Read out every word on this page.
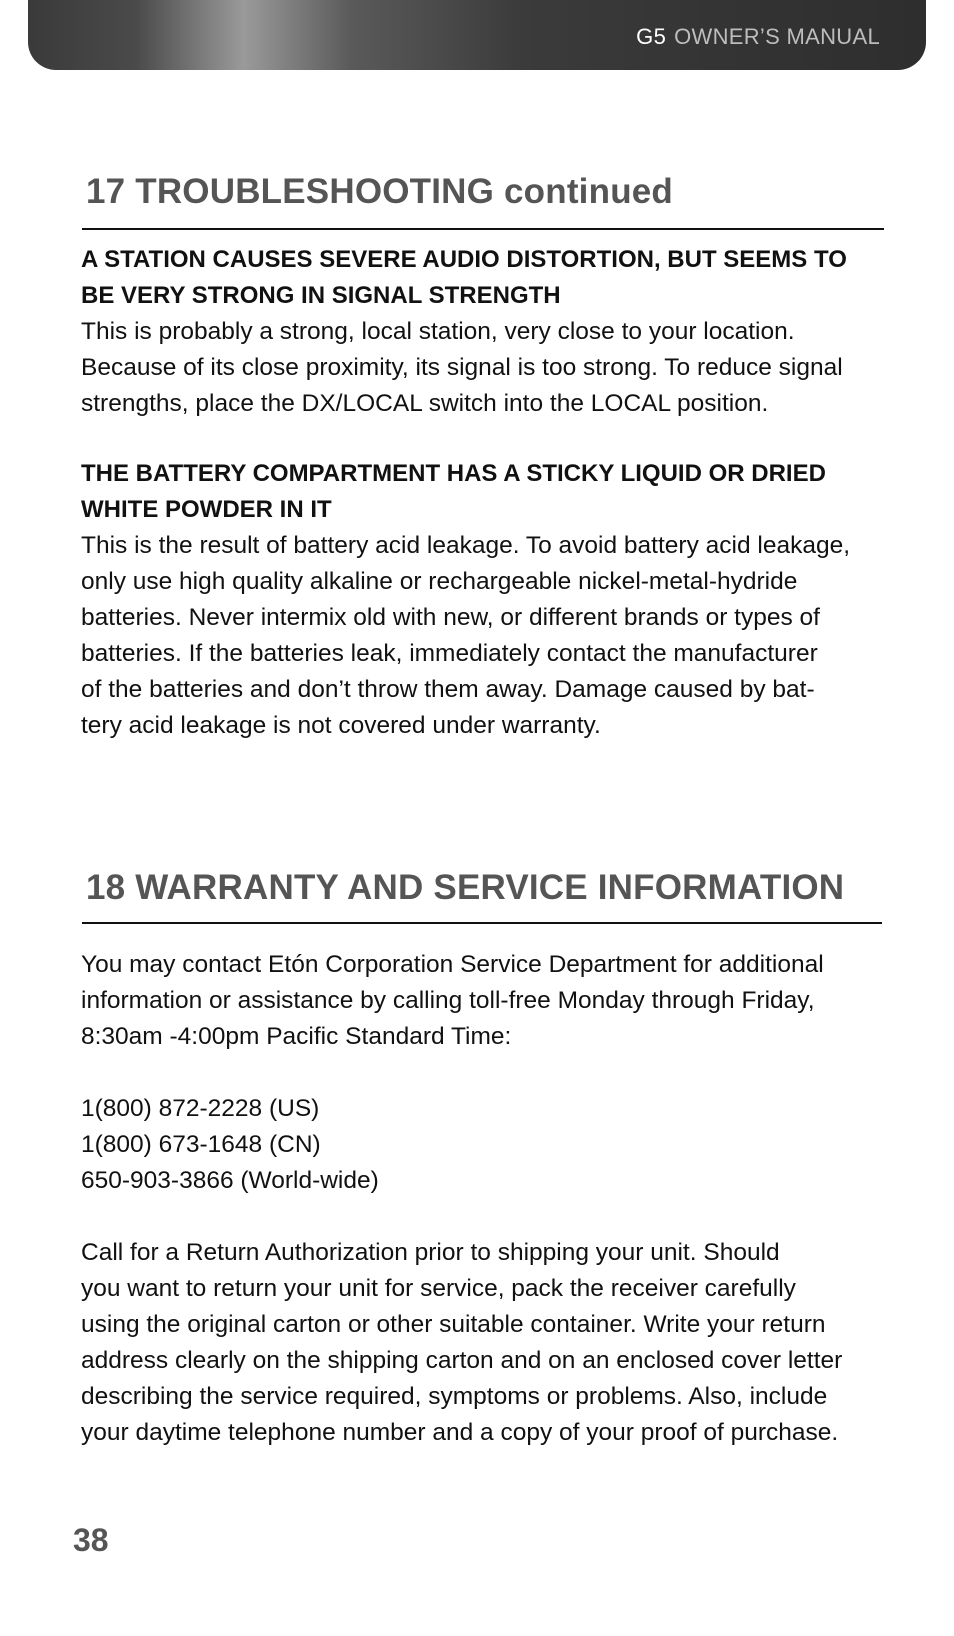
G5 OWNER’S MANUAL
17 TROUBLESHOOTING continued

A STATION CAUSES SEVERE AUDIO DISTORTION, BUT SEEMS TO
BE VERY STRONG IN SIGNAL STRENGTH

This is probably a strong, local station, very close to your location.
Because of its close proximity, its signal is too strong. To reduce signal
strengths, place the DX/LOCAL switch into the LOCAL position.

THE BATTERY COMPARTMENT HAS A STICKY LIQUID OR DRIED
WHITE POWDER IN IT

This is the result of battery acid leakage. To avoid battery acid leakage,
only use high quality alkaline or rechargeable nickel-metal-hydride
batteries. Never intermix old with new, or different brands or types of
batteries. If the batteries leak, immediately contact the manufacturer
of the batteries and don’t throw them away. Damage caused by bat-
tery acid leakage is not covered under warranty.

18 WARRANTY AND SERVICE INFORMATION

You may contact Etón Corporation Service Department for additional
information or assistance by calling toll-free Monday through Friday,
8:30am -4:00pm Pacific Standard Time:

1(800) 872-2228 (US)
1(800) 673-1648 (CN)
650-903-3866 (World-wide)

Call for a Return Authorization prior to shipping your unit. Should
you want to return your unit for service, pack the receiver carefully
using the original carton or other suitable container. Write your return
address clearly on the shipping carton and on an enclosed cover letter
describing the service required, symptoms or problems. Also, include
your daytime telephone number and a copy of your proof of purchase.

38
